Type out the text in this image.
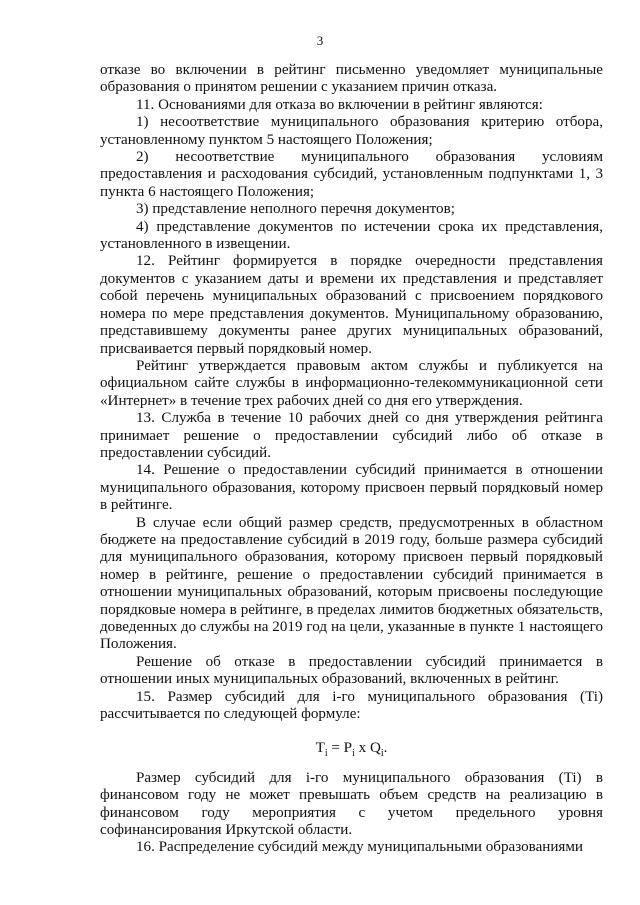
3

отказе во включении в рейтинг письменно уведомляет муниципальные образования о принятом решении с указанием причин отказа.

11. Основаниями для отказа во включении в рейтинг являются:

1) несоответствие муниципального образования критерию отбора, установленному пунктом 5 настоящего Положения;

2) несоответствие муниципального образования условиям предоставления и расходования субсидий, установленным подпунктами 1, 3 пункта 6 настоящего Положения;

3) представление неполного перечня документов;

4) представление документов по истечении срока их представления, установленного в извещении.

12. Рейтинг формируется в порядке очередности представления документов с указанием даты и времени их представления и представляет собой перечень муниципальных образований с присвоением порядкового номера по мере представления документов. Муниципальному образованию, представившему документы ранее других муниципальных образований, присваивается первый порядковый номер.

Рейтинг утверждается правовым актом службы и публикуется на официальном сайте службы в информационно-телекоммуникационной сети «Интернет» в течение трех рабочих дней со дня его утверждения.

13. Служба в течение 10 рабочих дней со дня утверждения рейтинга принимает решение о предоставлении субсидий либо об отказе в предоставлении субсидий.

14. Решение о предоставлении субсидий принимается в отношении муниципального образования, которому присвоен первый порядковый номер в рейтинге.

В случае если общий размер средств, предусмотренных в областном бюджете на предоставление субсидий в 2019 году, больше размера субсидий для муниципального образования, которому присвоен первый порядковый номер в рейтинге, решение о предоставлении субсидий принимается в отношении муниципальных образований, которым присвоены последующие порядковые номера в рейтинге, в пределах лимитов бюджетных обязательств, доведенных до службы на 2019 год на цели, указанные в пункте 1 настоящего Положения.

Решение об отказе в предоставлении субсидий принимается в отношении иных муниципальных образований, включенных в рейтинг.

15. Размер субсидий для i-го муниципального образования (Ti) рассчитывается по следующей формуле:

$T_i = P_i$ x $Q_i$.

Размер субсидий для i-го муниципального образования (Ti) в финансовом году не может превышать объем средств на реализацию в финансовом году мероприятия с учетом предельного уровня софинансирования Иркутской области.

16. Распределение субсидий между муниципальными образованиями
